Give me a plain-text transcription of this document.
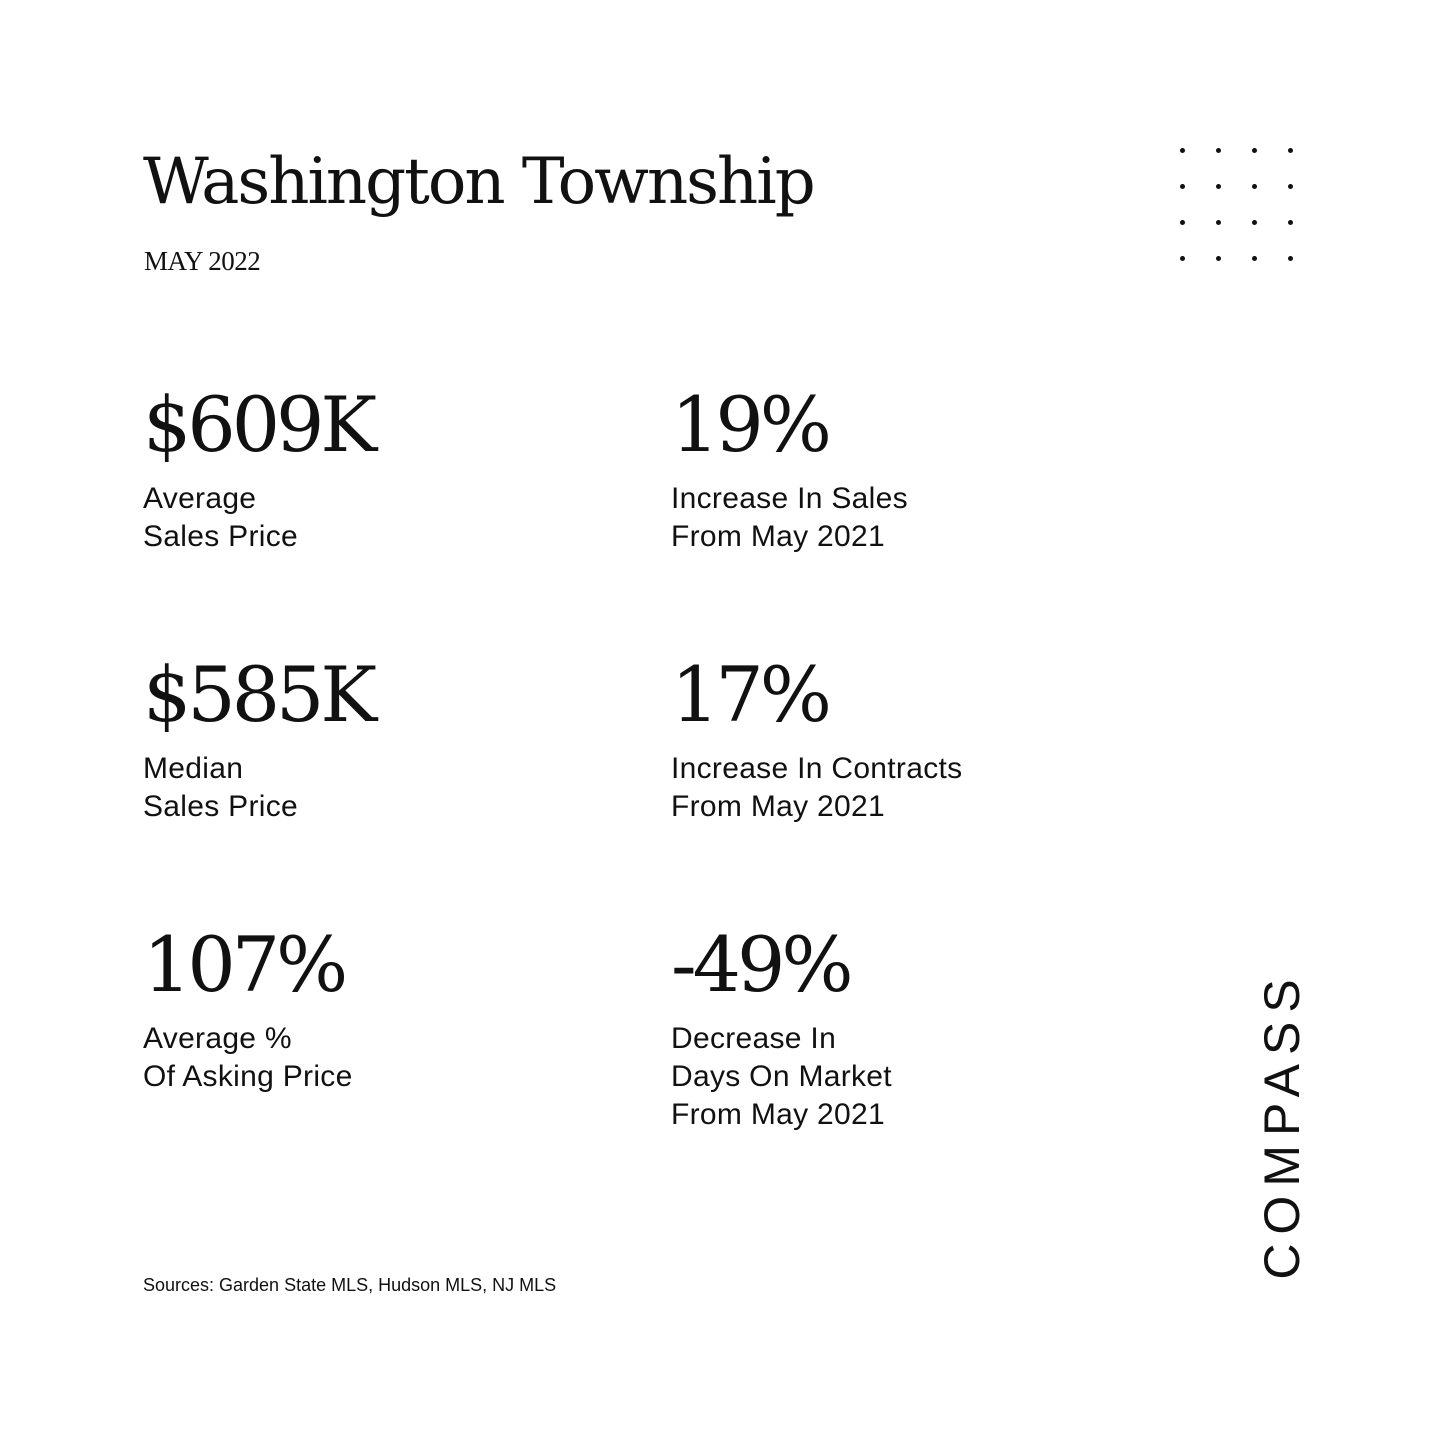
Washington Township
MAY 2022
$609K
Average
Sales Price
19%
Increase In Sales
From May 2021
$585K
Median
Sales Price
17%
Increase In Contracts
From May 2021
107%
Average %
Of Asking Price
-49%
Decrease In
Days On Market
From May 2021
Sources: Garden State MLS, Hudson MLS, NJ MLS
COMPASS
